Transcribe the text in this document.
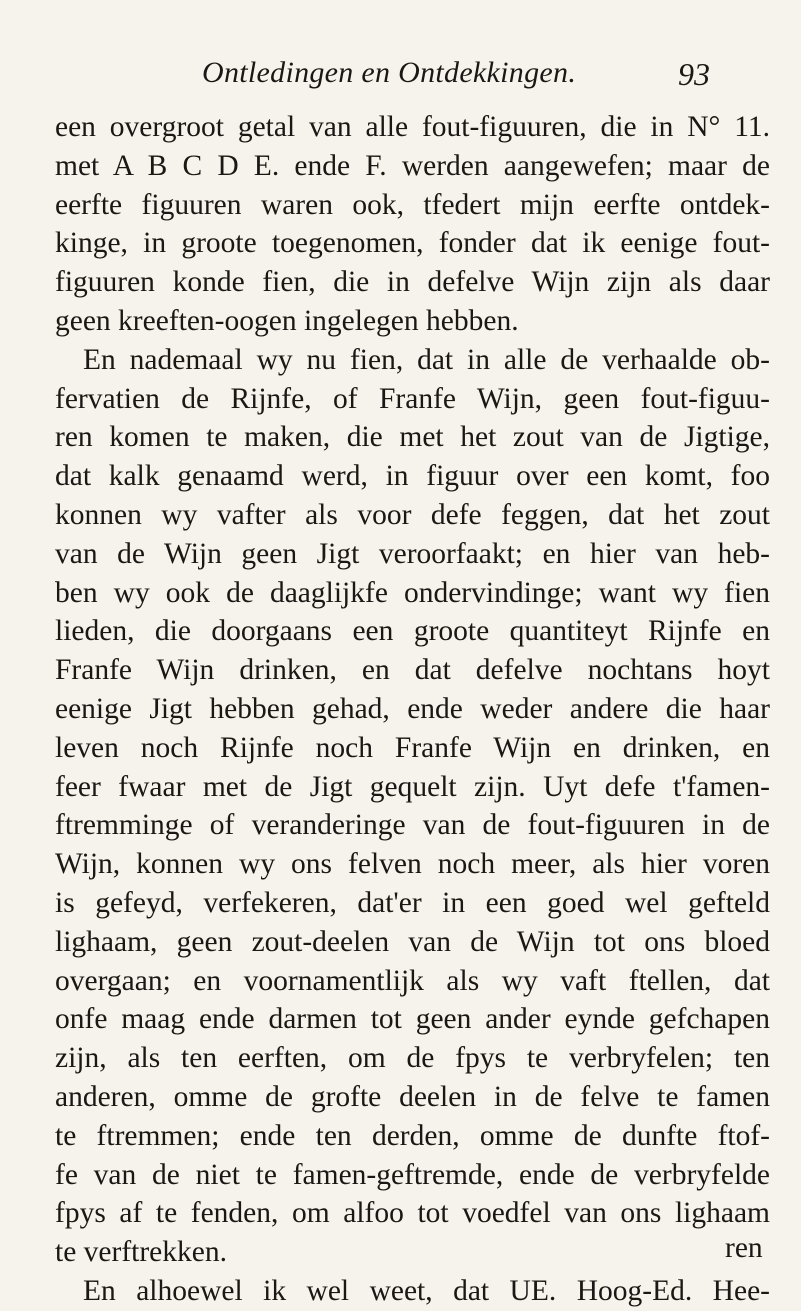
Ontledingen en Ontdekkingen.	93
een overgroot getal van alle fout-figuuren, die in N° 11.
met A B C D E. ende F. werden aangewefen; maar de
eerfte figuuren waren ook, tfedert mijn eerfte ontdek-
kinge, in groote toegenomen, fonder dat ik eenige fout-
figuuren konde fien, die in defelve Wijn zijn als daar
geen kreeften-oogen ingelegen hebben.
En nademaal wy nu fien, dat in alle de verhaalde ob-
fervatien de Rijnfe, of Franfe Wijn, geen fout-figuu-
ren komen te maken, die met het zout van de Jigtige,
dat kalk genaamd werd, in figuur over een komt, foo
konnen wy vafter als voor defe feggen, dat het zout
van de Wijn geen Jigt veroorfaakt; en hier van heb-
ben wy ook de daaglijkfe ondervindinge; want wy fien
lieden, die doorgaans een groote quantiteyt Rijnfe en
Franfe Wijn drinken, en dat defelve nochtans hoyt
eenige Jigt hebben gehad, ende weder andere die haar
leven noch Rijnfe noch Franfe Wijn en drinken, en
feer fwaar met de Jigt gequelt zijn. Uyt defe t'famen-
ftremminge of veranderinge van de fout-figuuren in de
Wijn, konnen wy ons felven noch meer, als hier voren
is gefeyd, verfekeren, dat'er in een goed wel gefteld
lighaam, geen zout-deelen van de Wijn tot ons bloed
overgaan; en voornamentlijk als wy vaft ftellen, dat
onfe maag ende darmen tot geen ander eynde gefchapen
zijn, als ten eerften, om de fpys te verbryfelen; ten
anderen, omme de grofte deelen in de felve te famen
te ftremmen; ende ten derden, omme de dunfte ftof-
fe van de niet te famen-geftremde, ende de verbryfelde
fpys af te fenden, om alfoo tot voedfel van ons lighaam
te verftrekken.
En alhoewel ik wel weet, dat UE. Hoog-Ed. Hee-
ren
